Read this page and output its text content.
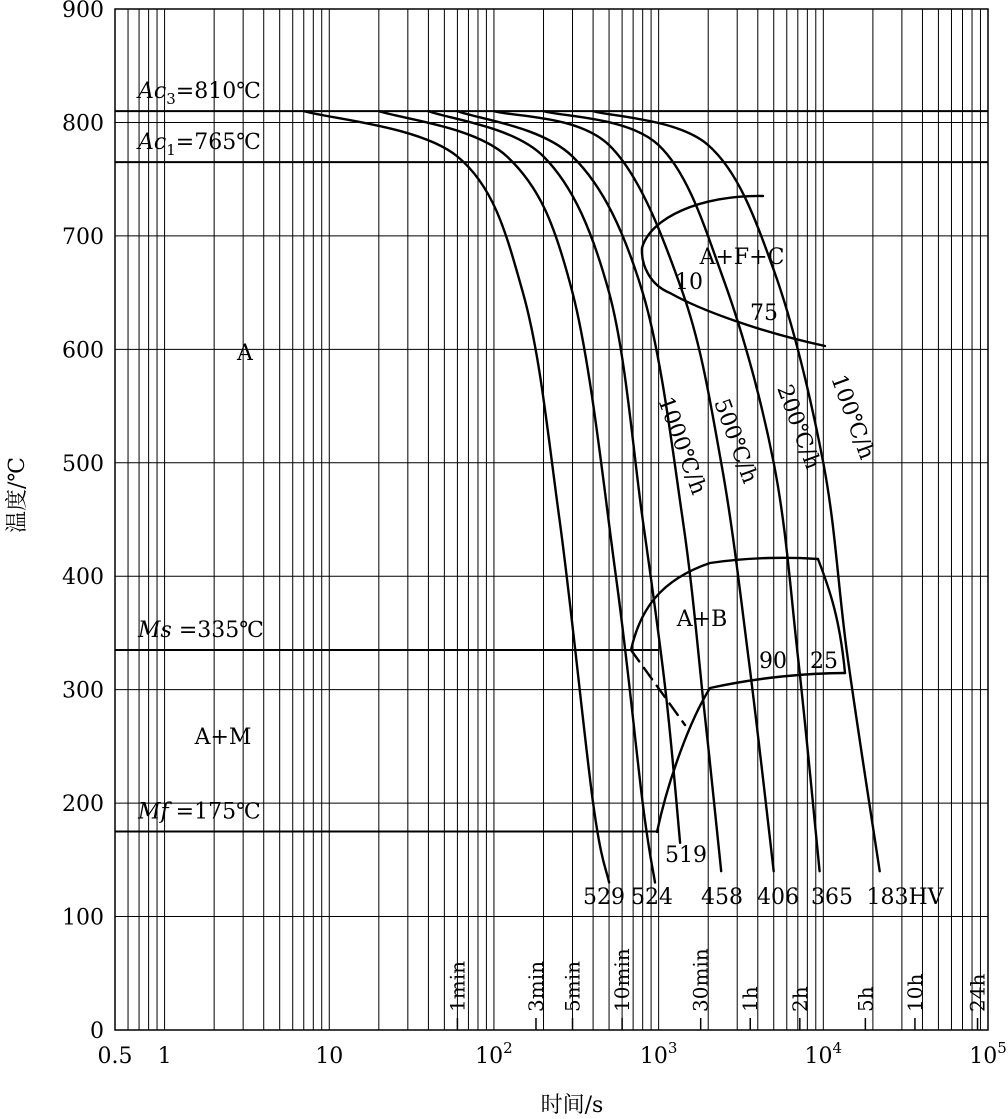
$Ac_3=810℃$
$Ac_1=765℃$
Ms =335℃
Mf =175℃
0
100
200
300
400
500
600
700
800
900
0.5 1	10	$10^2$	$10^3$	$10^4$	$10^5$
1min	3min 5min 10min	30min 1h 2h 5h 10h 24h
时间/s
温度/℃
A
A+F+C
A+B
A+M
10
75
90 25
1000℃/h
500℃/h 200℃/h 100℃/h
529 524
519
458 406 365 183HV
